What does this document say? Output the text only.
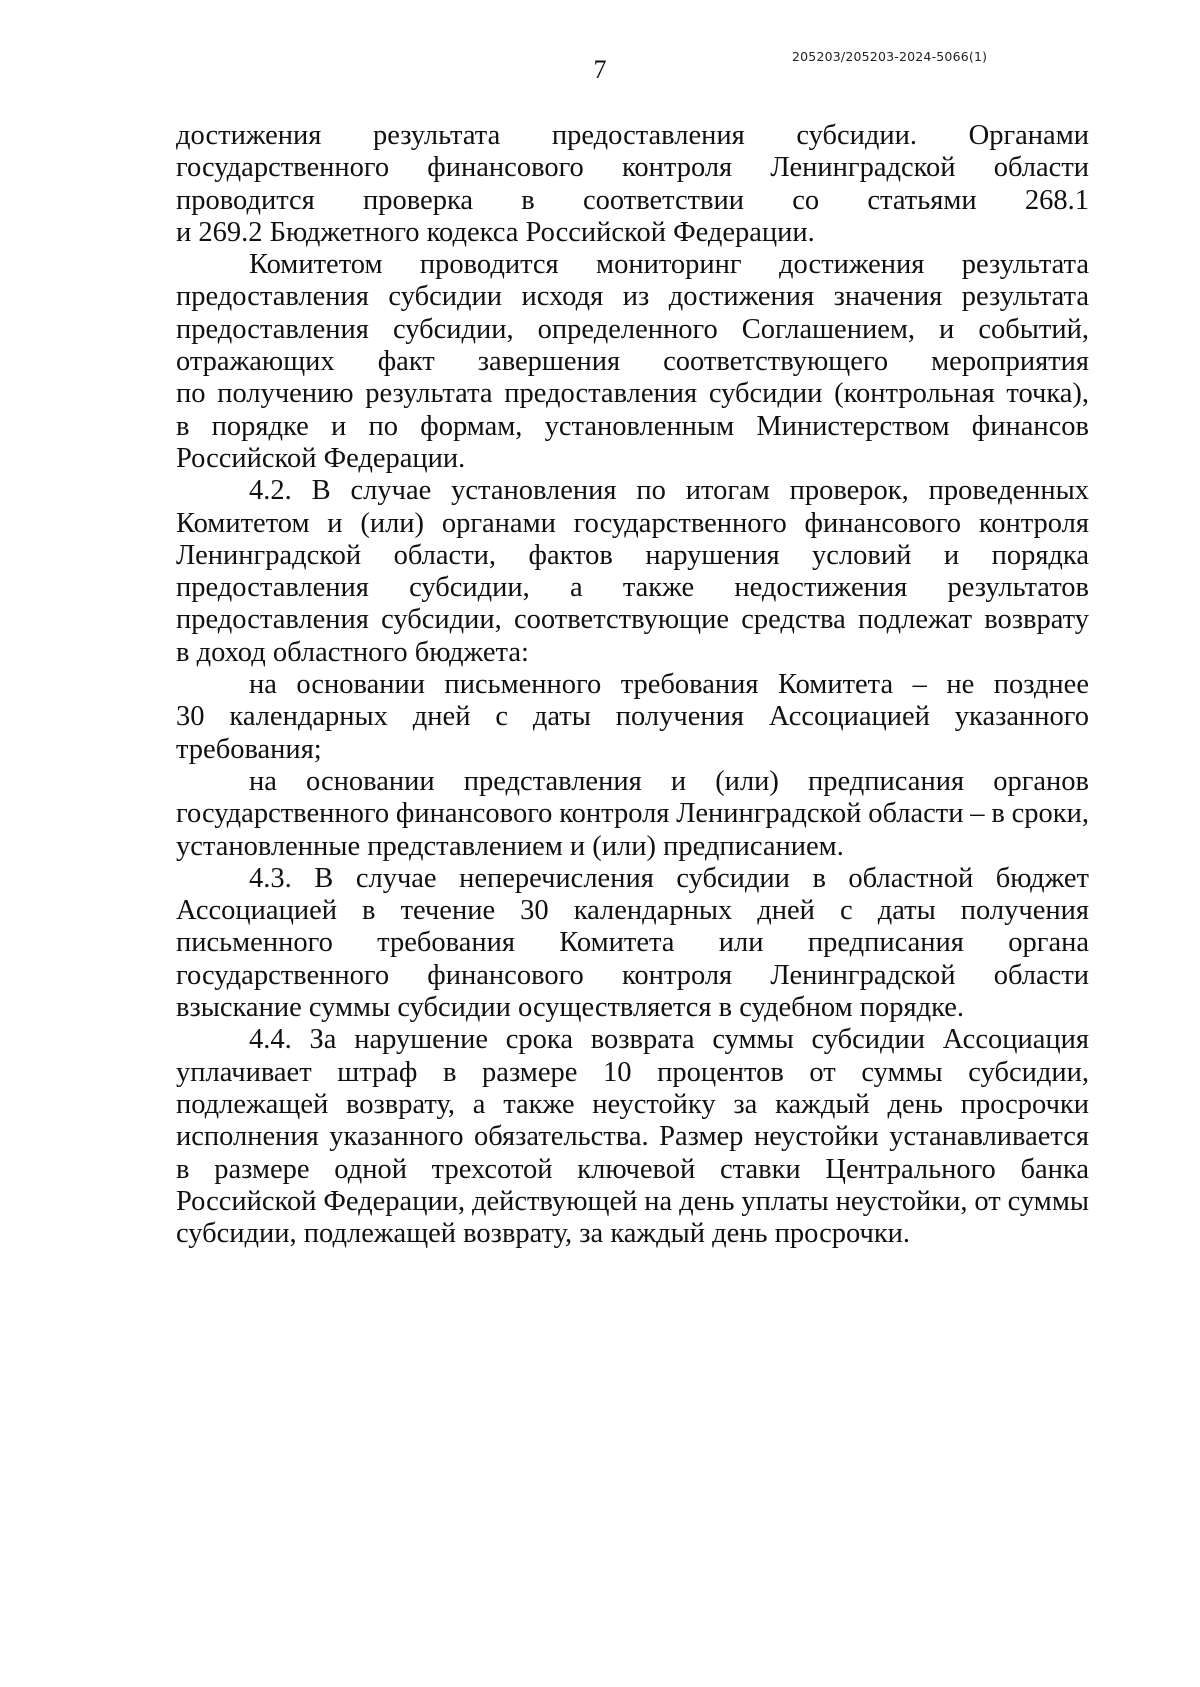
205203/205203-2024-5066(1)
7
достижения результата предоставления субсидии. Органами
государственного финансового контроля Ленинградской области
проводится проверка в соответствии со статьями 268.1
и 269.2 Бюджетного кодекса Российской Федерации.
Комитетом проводится мониторинг достижения результата
предоставления субсидии исходя из достижения значения результата
предоставления субсидии, определенного Соглашением, и событий,
отражающих факт завершения соответствующего мероприятия
по получению результата предоставления субсидии (контрольная точка),
в порядке и по формам, установленным Министерством финансов
Российской Федерации.
4.2. В случае установления по итогам проверок, проведенных
Комитетом и (или) органами государственного финансового контроля
Ленинградской области, фактов нарушения условий и порядка
предоставления субсидии, а также недостижения результатов
предоставления субсидии, соответствующие средства подлежат возврату
в доход областного бюджета:
на основании письменного требования Комитета – не позднее
30 календарных дней с даты получения Ассоциацией указанного
требования;
на основании представления и (или) предписания органов
государственного финансового контроля Ленинградской области – в сроки,
установленные представлением и (или) предписанием.
4.3. В случае неперечисления субсидии в областной бюджет
Ассоциацией в течение 30 календарных дней с даты получения
письменного требования Комитета или предписания органа
государственного финансового контроля Ленинградской области
взыскание суммы субсидии осуществляется в судебном порядке.
4.4. За нарушение срока возврата суммы субсидии Ассоциация
уплачивает штраф в размере 10 процентов от суммы субсидии,
подлежащей возврату, а также неустойку за каждый день просрочки
исполнения указанного обязательства. Размер неустойки устанавливается
в размере одной трехсотой ключевой ставки Центрального банка
Российской Федерации, действующей на день уплаты неустойки, от суммы
субсидии, подлежащей возврату, за каждый день просрочки.
